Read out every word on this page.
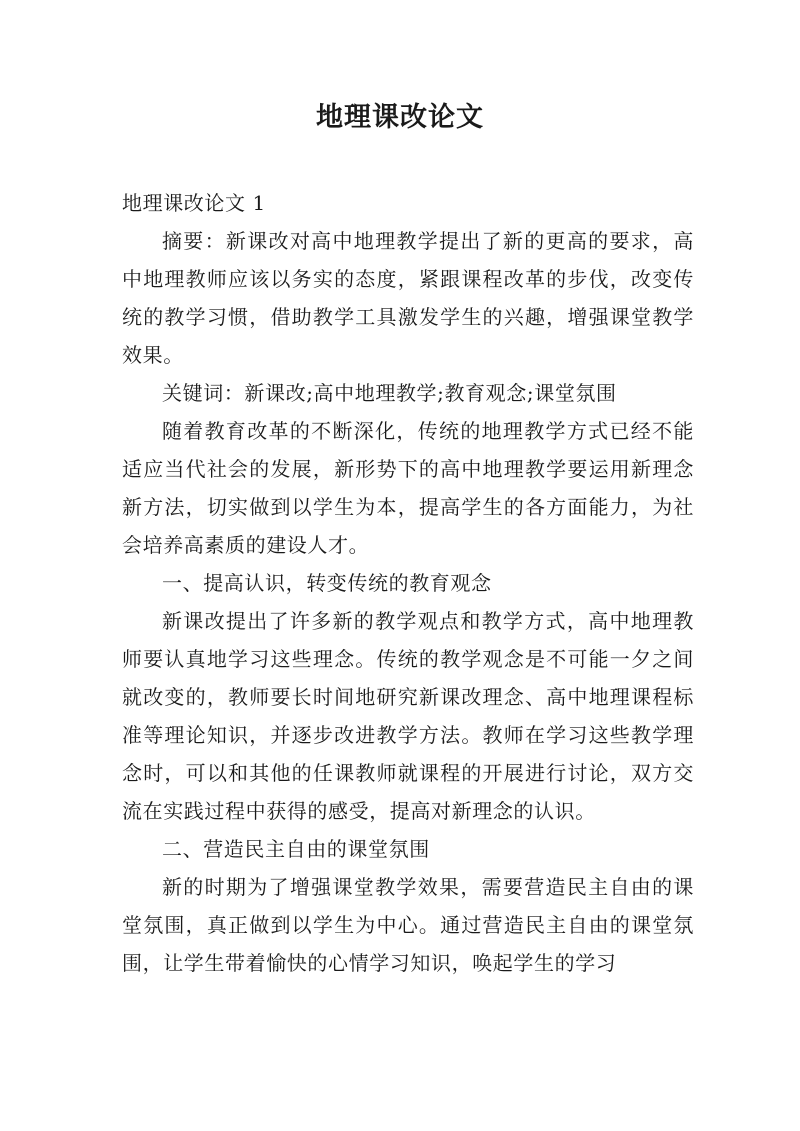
地理课改论文

地理课改论文 1

摘要：新课改对高中地理教学提出了新的更高的要求，高中地理教师应该以务实的态度，紧跟课程改革的步伐，改变传统的教学习惯，借助教学工具激发学生的兴趣，增强课堂教学效果。

关键词：新课改;高中地理教学;教育观念;课堂氛围

随着教育改革的不断深化，传统的地理教学方式已经不能适应当代社会的发展，新形势下的高中地理教学要运用新理念新方法，切实做到以学生为本，提高学生的各方面能力，为社会培养高素质的建设人才。

一、提高认识，转变传统的教育观念

新课改提出了许多新的教学观点和教学方式，高中地理教师要认真地学习这些理念。传统的教学观念是不可能一夕之间就改变的，教师要长时间地研究新课改理念、高中地理课程标准等理论知识，并逐步改进教学方法。教师在学习这些教学理念时，可以和其他的任课教师就课程的开展进行讨论，双方交流在实践过程中获得的感受，提高对新理念的认识。

二、营造民主自由的课堂氛围

新的时期为了增强课堂教学效果，需要营造民主自由的课堂氛围，真正做到以学生为中心。通过营造民主自由的课堂氛围，让学生带着愉快的心情学习知识，唤起学生的学习
